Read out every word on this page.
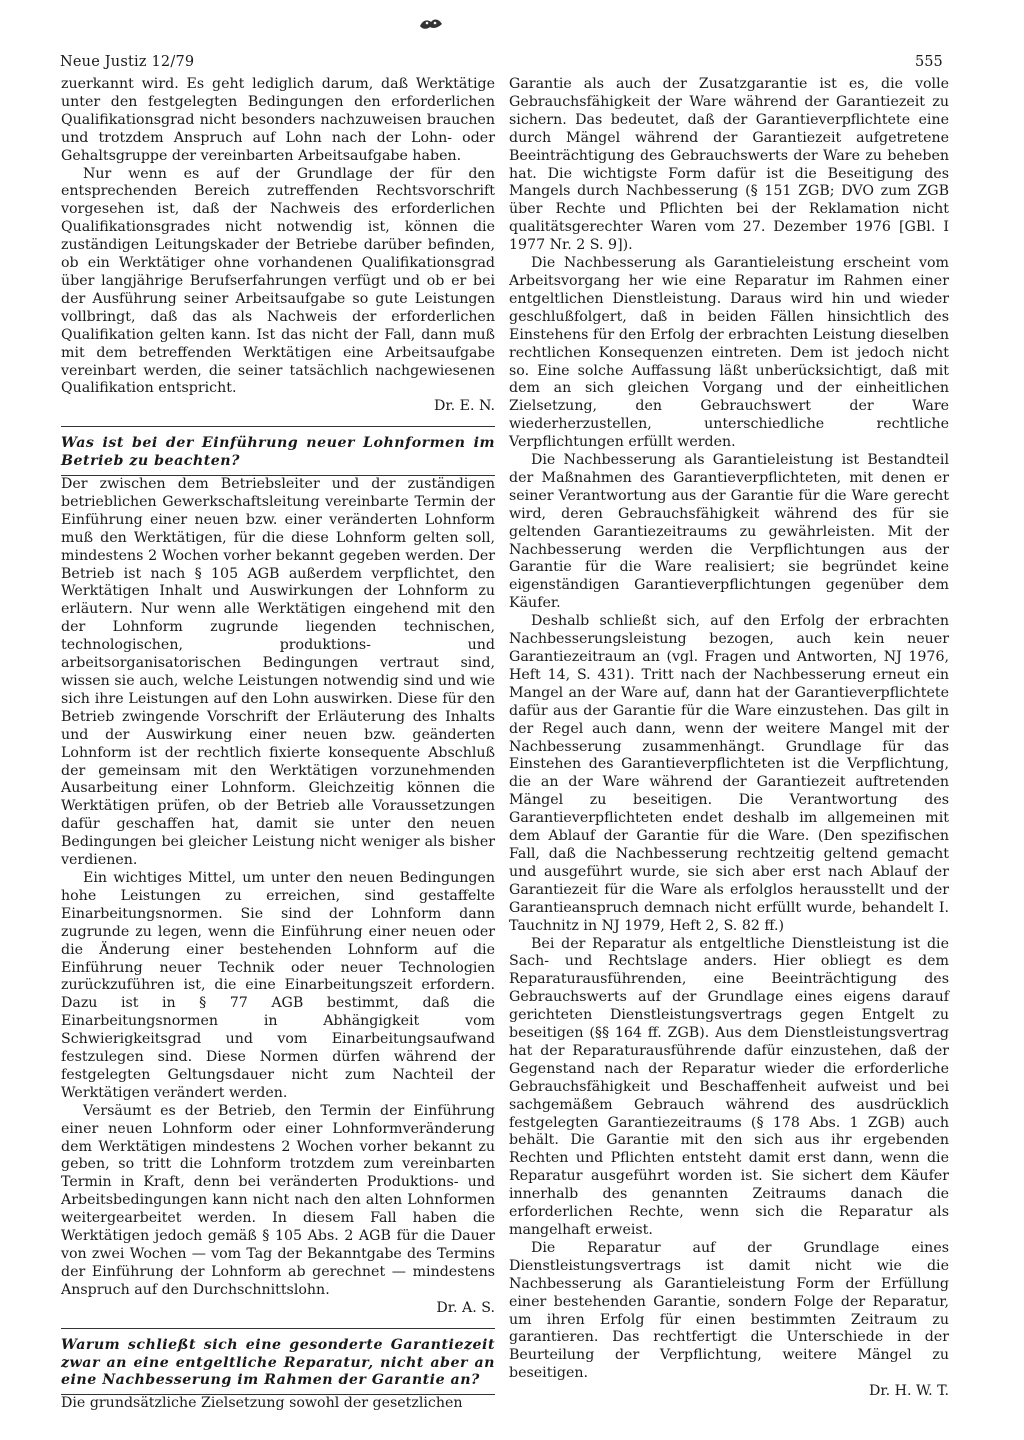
Neue Justiz 12/79	555

zuerkannt wird. Es geht lediglich darum, daß Werktätige unter den festgelegten Bedingungen den erforderlichen Qualifikationsgrad nicht besonders nachzuweisen brauchen und trotzdem Anspruch auf Lohn nach der Lohn- oder Gehaltsgruppe der vereinbarten Arbeitsaufgabe haben.

Nur wenn es auf der Grundlage der für den entsprechenden Bereich zutreffenden Rechtsvorschrift vorgesehen ist, daß der Nachweis des erforderlichen Qualifikationsgrades nicht notwendig ist, können die zuständigen Leitungskader der Betriebe darüber befinden, ob ein Werktätiger ohne vorhandenen Qualifikationsgrad über langjährige Berufserfahrungen verfügt und ob er bei der Ausführung seiner Arbeitsaufgabe so gute Leistungen vollbringt, daß das als Nachweis der erforderlichen Qualifikation gelten kann. Ist das nicht der Fall, dann muß mit dem betreffenden Werktätigen eine Arbeitsaufgabe vereinbart werden, die seiner tatsächlich nachgewiesenen Qualifikation entspricht.

Dr. E. N.

Was ist bei der Einführung neuer Lohnformen im Betrieb zu beachten?

Der zwischen dem Betriebsleiter und der zuständigen betrieblichen Gewerkschaftsleitung vereinbarte Termin der Einführung einer neuen bzw. einer veränderten Lohnform muß den Werktätigen, für die diese Lohnform gelten soll, mindestens 2 Wochen vorher bekannt gegeben werden. Der Betrieb ist nach § 105 AGB außerdem verpflichtet, den Werktätigen Inhalt und Auswirkungen der Lohnform zu erläutern. Nur wenn alle Werktätigen eingehend mit den der Lohnform zugrunde liegenden technischen, technologischen, produktions- und arbeitsorganisatorischen Bedingungen vertraut sind, wissen sie auch, welche Leistungen notwendig sind und wie sich ihre Leistungen auf den Lohn auswirken. Diese für den Betrieb zwingende Vorschrift der Erläuterung des Inhalts und der Auswirkung einer neuen bzw. geänderten Lohnform ist der rechtlich fixierte konsequente Abschluß der gemeinsam mit den Werktätigen vorzunehmenden Ausarbeitung einer Lohnform. Gleichzeitig können die Werktätigen prüfen, ob der Betrieb alle Voraussetzungen dafür geschaffen hat, damit sie unter den neuen Bedingungen bei gleicher Leistung nicht weniger als bisher verdienen.

Ein wichtiges Mittel, um unter den neuen Bedingungen hohe Leistungen zu erreichen, sind gestaffelte Einarbeitungsnormen. Sie sind der Lohnform dann zugrunde zu legen, wenn die Einführung einer neuen oder die Änderung einer bestehenden Lohnform auf die Einführung neuer Technik oder neuer Technologien zurückzuführen ist, die eine Einarbeitungszeit erfordern. Dazu ist in § 77 AGB bestimmt, daß die Einarbeitungsnormen in Abhängigkeit vom Schwierigkeitsgrad und vom Einarbeitungsaufwand festzulegen sind. Diese Normen dürfen während der festgelegten Geltungsdauer nicht zum Nachteil der Werktätigen verändert werden.

Versäumt es der Betrieb, den Termin der Einführung einer neuen Lohnform oder einer Lohnformveränderung dem Werktätigen mindestens 2 Wochen vorher bekannt zu geben, so tritt die Lohnform trotzdem zum vereinbarten Termin in Kraft, denn bei veränderten Produktions- und Arbeitsbedingungen kann nicht nach den alten Lohnformen weitergearbeitet werden. In diesem Fall haben die Werktätigen jedoch gemäß § 105 Abs. 2 AGB für die Dauer von zwei Wochen — vom Tag der Bekanntgabe des Termins der Einführung der Lohnform ab gerechnet — mindestens Anspruch auf den Durchschnittslohn.

Dr. A. S.

Warum schließt sich eine gesonderte Garantiezeit zwar an eine entgeltliche Reparatur, nicht aber an eine Nachbesserung im Rahmen der Garantie an?

Die grundsätzliche Zielsetzung sowohl der gesetzlichen

Garantie als auch der Zusatzgarantie ist es, die volle Gebrauchsfähigkeit der Ware während der Garantiezeit zu sichern. Das bedeutet, daß der Garantieverpflichtete eine durch Mängel während der Garantiezeit aufgetretene Beeinträchtigung des Gebrauchswerts der Ware zu beheben hat. Die wichtigste Form dafür ist die Beseitigung des Mangels durch Nachbesserung (§ 151 ZGB; DVO zum ZGB über Rechte und Pflichten bei der Reklamation nicht qualitätsgerechter Waren vom 27. Dezember 1976 [GBl. I 1977 Nr. 2 S. 9]).

Die Nachbesserung als Garantieleistung erscheint vom Arbeitsvorgang her wie eine Reparatur im Rahmen einer entgeltlichen Dienstleistung. Daraus wird hin und wieder geschlußfolgert, daß in beiden Fällen hinsichtlich des Einstehens für den Erfolg der erbrachten Leistung dieselben rechtlichen Konsequenzen eintreten. Dem ist jedoch nicht so. Eine solche Auffassung läßt unberücksichtigt, daß mit dem an sich gleichen Vorgang und der einheitlichen Zielsetzung, den Gebrauchswert der Ware wiederherzustellen, unterschiedliche rechtliche Verpflichtungen erfüllt werden.

Die Nachbesserung als Garantieleistung ist Bestandteil der Maßnahmen des Garantieverpflichteten, mit denen er seiner Verantwortung aus der Garantie für die Ware gerecht wird, deren Gebrauchsfähigkeit während des für sie geltenden Garantiezeitraums zu gewährleisten. Mit der Nachbesserung werden die Verpflichtungen aus der Garantie für die Ware realisiert; sie begründet keine eigenständigen Garantieverpflichtungen gegenüber dem Käufer.

Deshalb schließt sich, auf den Erfolg der erbrachten Nachbesserungsleistung bezogen, auch kein neuer Garantiezeitraum an (vgl. Fragen und Antworten, NJ 1976, Heft 14, S. 431). Tritt nach der Nachbesserung erneut ein Mangel an der Ware auf, dann hat der Garantieverpflichtete dafür aus der Garantie für die Ware einzustehen. Das gilt in der Regel auch dann, wenn der weitere Mangel mit der Nachbesserung zusammenhängt. Grundlage für das Einstehen des Garantieverpflichteten ist die Verpflichtung, die an der Ware während der Garantiezeit auftretenden Mängel zu beseitigen. Die Verantwortung des Garantieverpflichteten endet deshalb im allgemeinen mit dem Ablauf der Garantie für die Ware. (Den spezifischen Fall, daß die Nachbesserung rechtzeitig geltend gemacht und ausgeführt wurde, sie sich aber erst nach Ablauf der Garantiezeit für die Ware als erfolglos herausstellt und der Garantieanspruch demnach nicht erfüllt wurde, behandelt I. Tauchnitz in NJ 1979, Heft 2, S. 82 ff.)

Bei der Reparatur als entgeltliche Dienstleistung ist die Sach- und Rechtslage anders. Hier obliegt es dem Reparaturausführenden, eine Beeinträchtigung des Gebrauchswerts auf der Grundlage eines eigens darauf gerichteten Dienstleistungsvertrags gegen Entgelt zu beseitigen (§§ 164 ff. ZGB). Aus dem Dienstleistungsvertrag hat der Reparaturausführende dafür einzustehen, daß der Gegenstand nach der Reparatur wieder die erforderliche Gebrauchsfähigkeit und Beschaffenheit aufweist und bei sachgemäßem Gebrauch während des ausdrücklich festgelegten Garantiezeitraums (§ 178 Abs. 1 ZGB) auch behält. Die Garantie mit den sich aus ihr ergebenden Rechten und Pflichten entsteht damit erst dann, wenn die Reparatur ausgeführt worden ist. Sie sichert dem Käufer innerhalb des genannten Zeitraums danach die erforderlichen Rechte, wenn sich die Reparatur als mangelhaft erweist.

Die Reparatur auf der Grundlage eines Dienstleistungsvertrags ist damit nicht wie die Nachbesserung als Garantieleistung Form der Erfüllung einer bestehenden Garantie, sondern Folge der Reparatur, um ihren Erfolg für einen bestimmten Zeitraum zu garantieren. Das rechtfertigt die Unterschiede in der Beurteilung der Verpflichtung, weitere Mängel zu beseitigen.

Dr. H. W. T.
